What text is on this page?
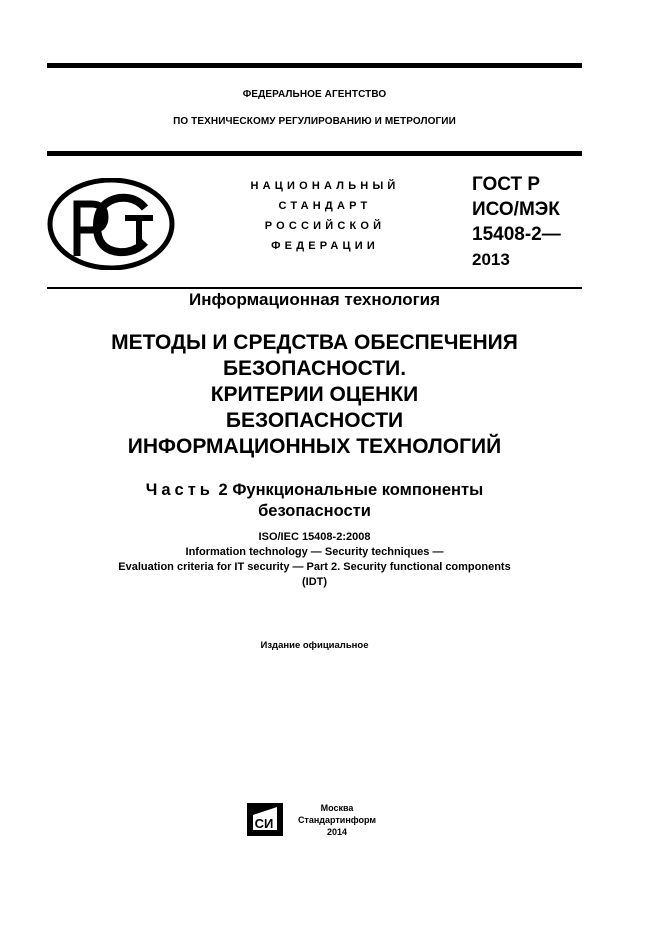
ФЕДЕРАЛЬНОЕ АГЕНТСТВО
ПО ТЕХНИЧЕСКОМУ РЕГУЛИРОВАНИЮ И МЕТРОЛОГИИ
НАЦИОНАЛЬНЫЙ
СТАНДАРТ
РОССИЙСКОЙ
ФЕДЕРАЦИИ
ГОСТ Р
ИСО/МЭК
15408-2—
2013
Информационная технология
МЕТОДЫ И СРЕДСТВА ОБЕСПЕЧЕНИЯ
БЕЗОПАСНОСТИ.
КРИТЕРИИ ОЦЕНКИ
БЕЗОПАСНОСТИ
ИНФОРМАЦИОННЫХ ТЕХНОЛОГИЙ
Часть 2 Функциональные компоненты
безопасности
ISO/IEC 15408-2:2008
Information technology — Security techniques —
Evaluation criteria for IT security — Part 2. Security functional components
(IDT)
Издание официальное
СИ
Москва
Стандартинформ
2014
